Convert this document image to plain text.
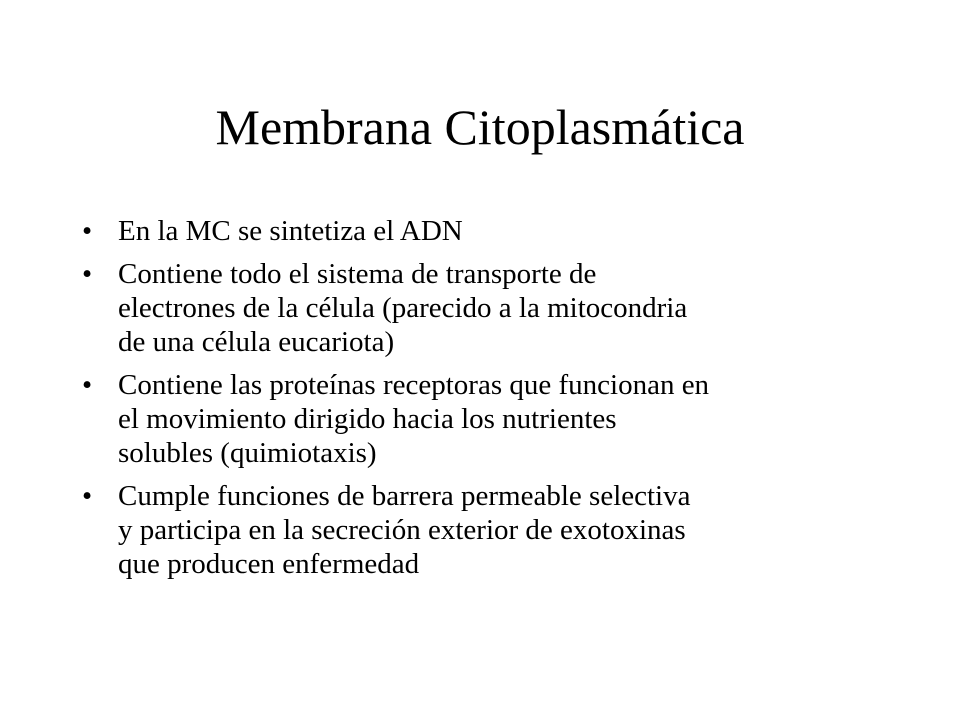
Membrana Citoplasmática
• En la MC se sintetiza el ADN
• Contiene todo el sistema de transporte de
electrones de la célula (parecido a la mitocondria
de una célula eucariota)
• Contiene las proteínas receptoras que funcionan en
el movimiento dirigido hacia los nutrientes
solubles (quimiotaxis)
• Cumple funciones de barrera permeable selectiva
y participa en la secreción exterior de exotoxinas
que producen enfermedad
